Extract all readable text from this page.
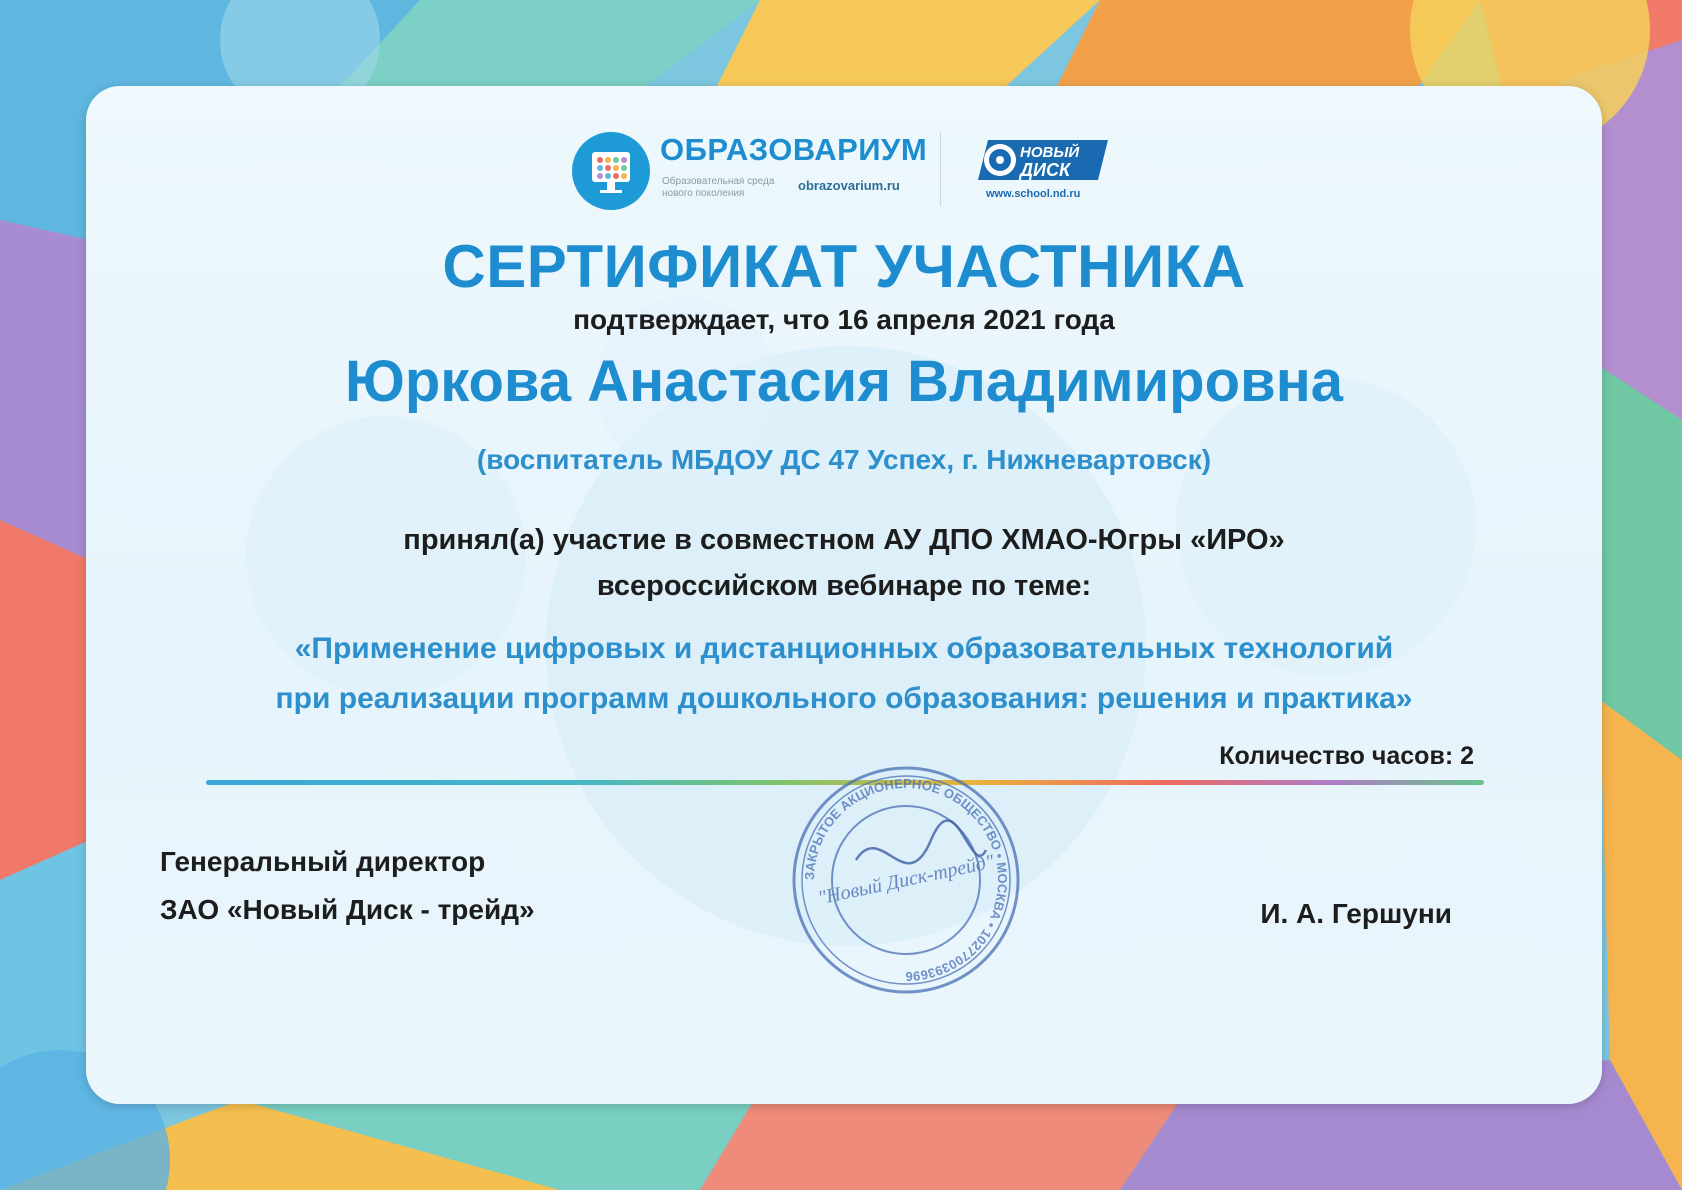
ОБРАЗОВАРИУМ
Образовательная среда нового поколения
obrazovarium.ru
НОВЫЙ
ДИСК
www.school.nd.ru
СЕРТИФИКАТ УЧАСТНИКА
подтверждает, что 16 апреля 2021 года
Юркова Анастасия Владимировна
(воспитатель МБДОУ ДС 47 Успех, г. Нижневартовск)
принял(а) участие в совместном АУ ДПО ХМАО-Югры «ИРО»
всероссийском вебинаре по теме:
«Применение цифровых и дистанционных образовательных технологий
при реализации программ дошкольного образования: решения и практика»
Количество часов: 2
Генеральный директор
ЗАО «Новый Диск - трейд»	И. А. Гершуни
ЗАКРЫТОЕ АКЦИОНЕРНОЕ ОБЩЕСТВО • МОСКВА • 1027700393696
"Новый Диск-трейд"
